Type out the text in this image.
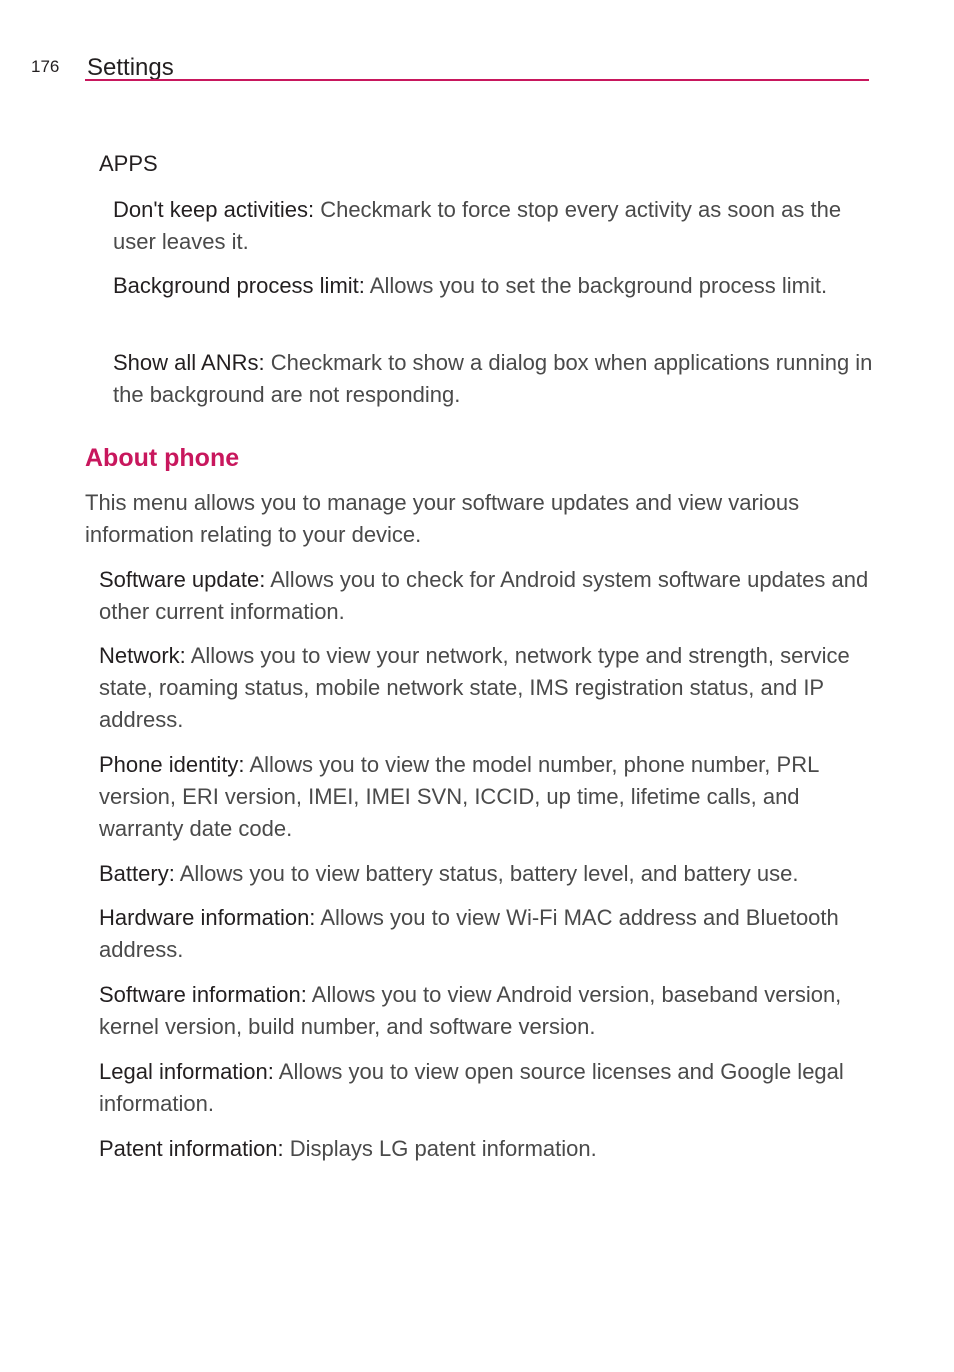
176 Settings
APPS
Don't keep activities: Checkmark to force stop every activity as soon as the user leaves it.
Background process limit: Allows you to set the background process limit.
Show all ANRs: Checkmark to show a dialog box when applications running in the background are not responding.
About phone
This menu allows you to manage your software updates and view various information relating to your device.
Software update: Allows you to check for Android system software updates and other current information.
Network: Allows you to view your network, network type and strength, service state, roaming status, mobile network state, IMS registration status, and IP address.
Phone identity: Allows you to view the model number, phone number, PRL version, ERI version, IMEI, IMEI SVN, ICCID, up time, lifetime calls, and warranty date code.
Battery: Allows you to view battery status, battery level, and battery use.
Hardware information: Allows you to view Wi-Fi MAC address and Bluetooth address.
Software information: Allows you to view Android version, baseband version, kernel version, build number, and software version.
Legal information: Allows you to view open source licenses and Google legal information.
Patent information: Displays LG patent information.
